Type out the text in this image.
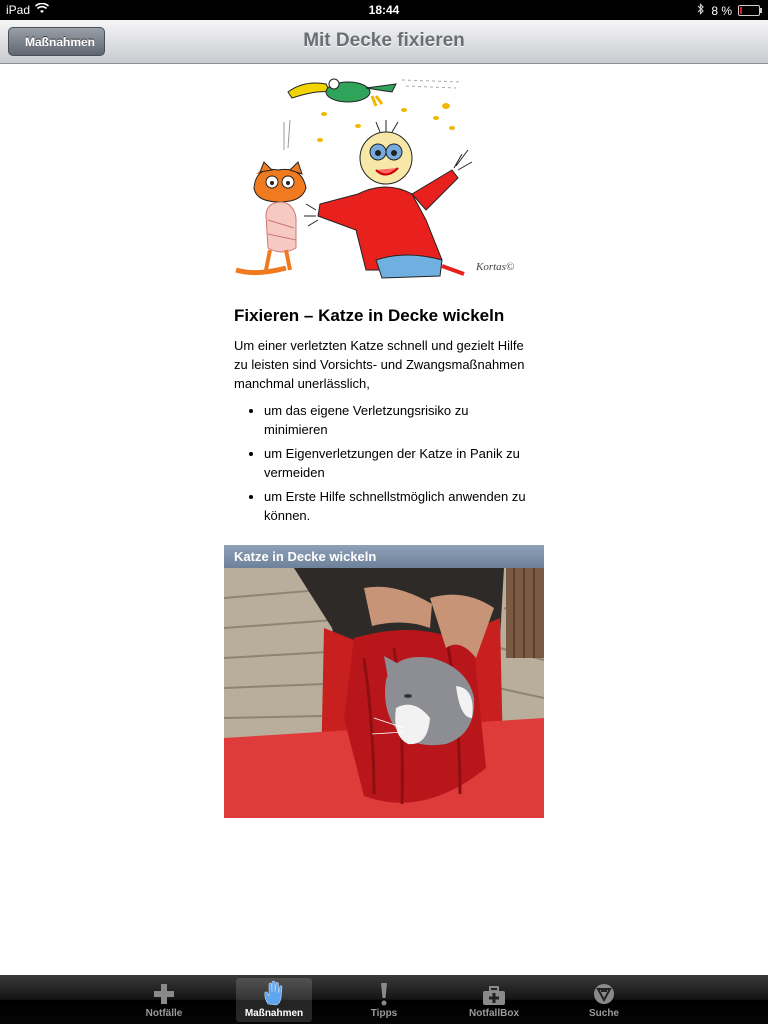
iPad	18:44	8 %
Maßnahmen	Mit Decke fixieren
Kortas©
Fixieren – Katze in Decke wickeln

Um einer verletzten Katze schnell und gezielt Hilfe zu leisten sind Vorsichts- und Zwangsmaßnahmen manchmal unerlässlich,

• um das eigene Verletzungsrisiko zu minimieren
• um Eigenverletzungen der Katze in Panik zu vermeiden
• um Erste Hilfe schnellstmöglich anwenden zu können.
Katze in Decke wickeln
Notfälle	Maßnahmen	Tipps	NotfallBox	Suche
